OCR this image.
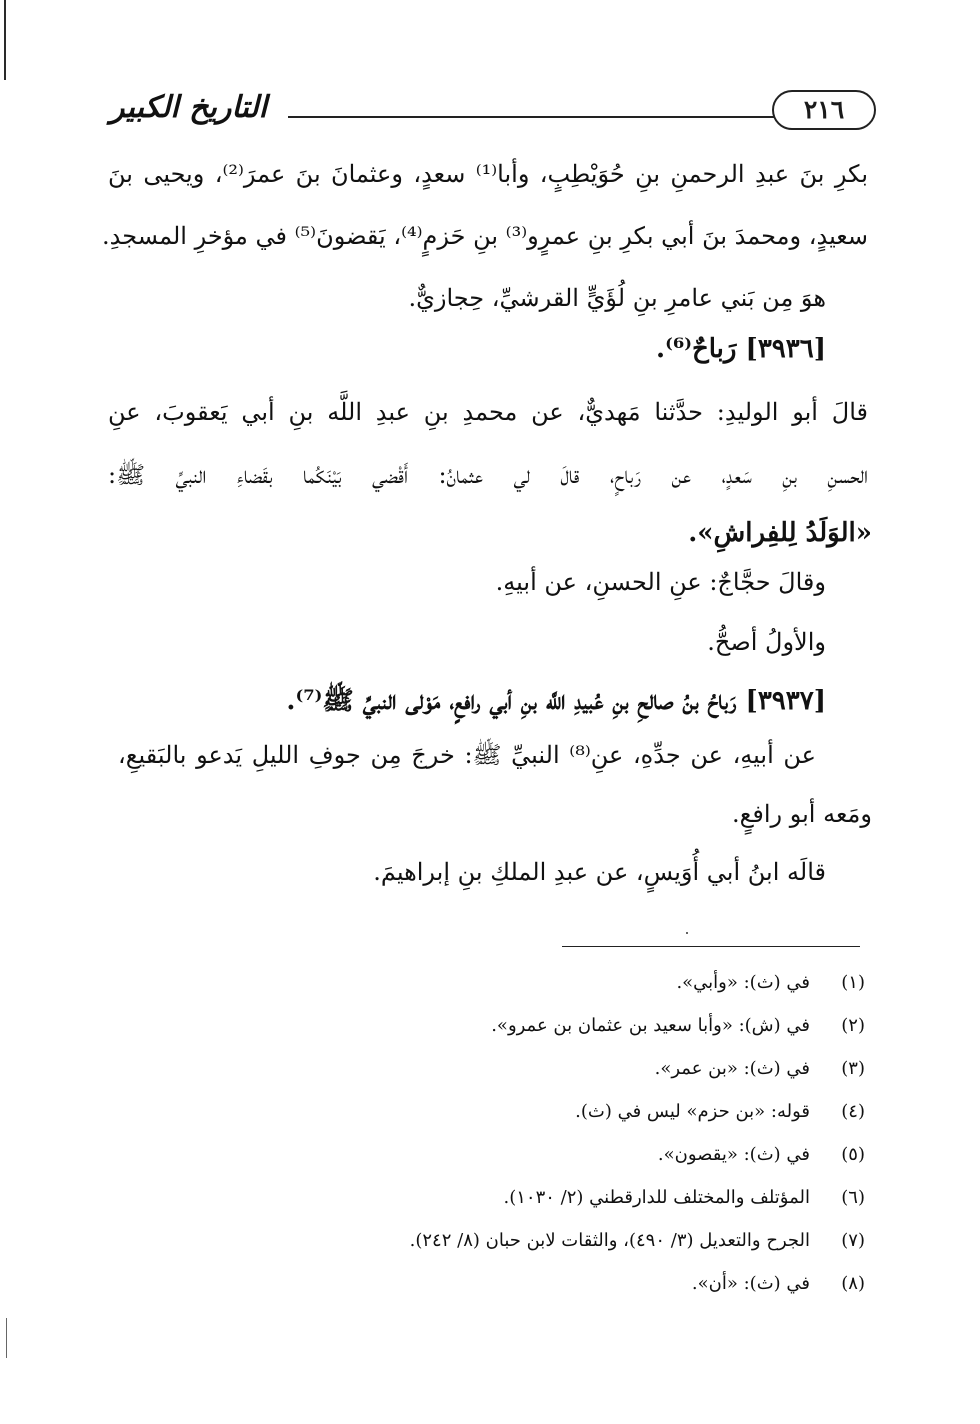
التاريخ الكبير	٢١٦
بكرِ بنَ عبدِ الرحمنِ بنِ حُوَيْطِبٍ، وأبا⁽¹⁾ سعدٍ، وعثمانَ بنَ عمرَ⁽²⁾، ويحيى بنَ
سعيدٍ، ومحمدَ بنَ أبي بكرِ بنِ عمرٍو⁽³⁾ بنِ حَزمٍ⁽⁴⁾، يَقضونَ⁽⁵⁾ في مؤخرِ المسجدِ.
هوَ مِن بَني عامرِ بنِ لُؤَيٍّ القرشيِّ، حِجازيٌّ.
[٣٩٣٦] رَباحٌ⁽⁶⁾.
قالَ أبو الوليدِ: حدَّثنا مَهديٌّ، عن محمدِ بنِ عبدِ اللَّه بنِ أبي يَعقوبَ، عنِ
الحسنِ بنِ سَعدٍ، عن رَباحٍ، قالَ لي عثمانُ: أَقْضي بَيْنَكُما بقَضاءِ النبيِّ ﷺ:
«الوَلَدُ لِلفِراشِ».
وقالَ حجَّاجٌ: عنِ الحسنِ، عن أبيهِ.
والأولُ أصحُّ.
[٣٩٣٧] رَباحُ بنُ صالحِ بنِ عُبيدِ اللَّه بنِ أبي رافعٍ، مَوْلى النبيِّ ﷺ⁽⁷⁾.
عن أبيهِ، عن جدِّهِ، عنِ⁽⁸⁾ النبيِّ ﷺ: خرجَ مِن جوفِ الليلِ يَدعو بالبَقيعِ،
ومَعه أبو رافعٍ.
قالَه ابنُ أبي أُوَيسٍ، عن عبدِ الملكِ بنِ إبراهيمَ.
(١)
في (ث): «وأبي».
(٢)
في (ش): «وأبا سعيد بن عثمان بن عمرو».
(٣)
في (ث): «بن عمر».
(٤)
قوله: «بن حزم» ليس في (ث).
(٥)
في (ث): «يقصون».
(٦)
المؤتلف والمختلف للدارقطني (٢/ ١٠٣٠).
(٧)
الجرح والتعديل (٣/ ٤٩٠)، والثقات لابن حبان (٨/ ٢٤٢).
(٨)
في (ث): «أن».
